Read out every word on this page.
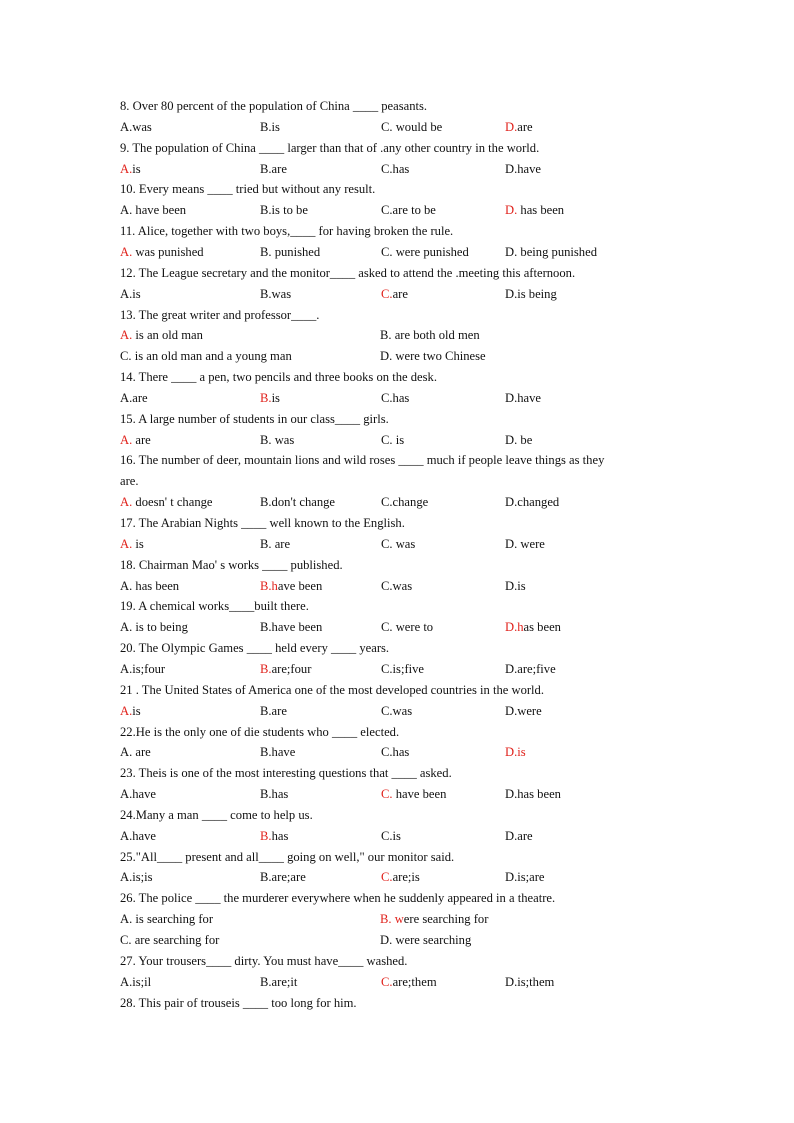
8. Over 80 percent of the population of China ____ peasants.
A.was	B.is	C. would be	D.are
9. The population of China ____ larger than that of .any other country in the world.
A.is	B.are	C.has	D.have
10. Every means ____ tried but without any result.
A. have been	B.is to be	C.are to be	D. has been
11. Alice, together with two boys,____ for having broken the rule.
A. was punished	B. punished	C. were punished	D. being punished
12. The League secretary and the monitor____ asked to attend the .meeting this afternoon.
A.is	B.was	C.are	D.is being
13. The great writer and professor____.
A. is an old man	B. are both old men
C. is an old man and a young man	D. were two Chinese
14. There ____ a pen, two pencils and three books on the desk.
A.are	B.is	C.has	D.have
15. A large number of students in our class____ girls.
A. are	B. was	C. is	D. be
16. The number of deer, mountain lions and wild roses ____ much if people leave things as they
are.
A. doesn' t change	B.don't change	C.change	D.changed
17. The Arabian Nights ____ well known to the English.
A. is	B. are	C. was	D. were
18. Chairman Mao' s works ____ published.
A. has been	B.have been	C.was	D.is
19. A chemical works____built there.
A. is to being	B.have been	C. were to	D.has been
20. The Olympic Games ____ held every ____ years.
A.is;four	B.are;four	C.is;five	D.are;five
21 . The United States of America one of the most developed countries in the world.
A.is	B.are	C.was	D.were
22.He is the only one of die students who ____ elected.
A. are	B.have	C.has	D.is
23. Theis is one of the most interesting questions that ____ asked.
A.have	B.has	C. have been	D.has been
24.Many a man ____ come to help us.
A.have	B.has	C.is	D.are
25."All____ present and all____ going on well," our monitor said.
A.is;is	B.are;are	C.are;is	D.is;are
26. The police ____ the murderer everywhere when he suddenly appeared in a theatre.
A. is searching for	B. were searching for
C. are searching for	D. were searching
27. Your trousers____ dirty. You must have____ washed.
A.is;il	B.are;it	C.are;them	D.is;them
28. This pair of trouseis ____ too long for him.
